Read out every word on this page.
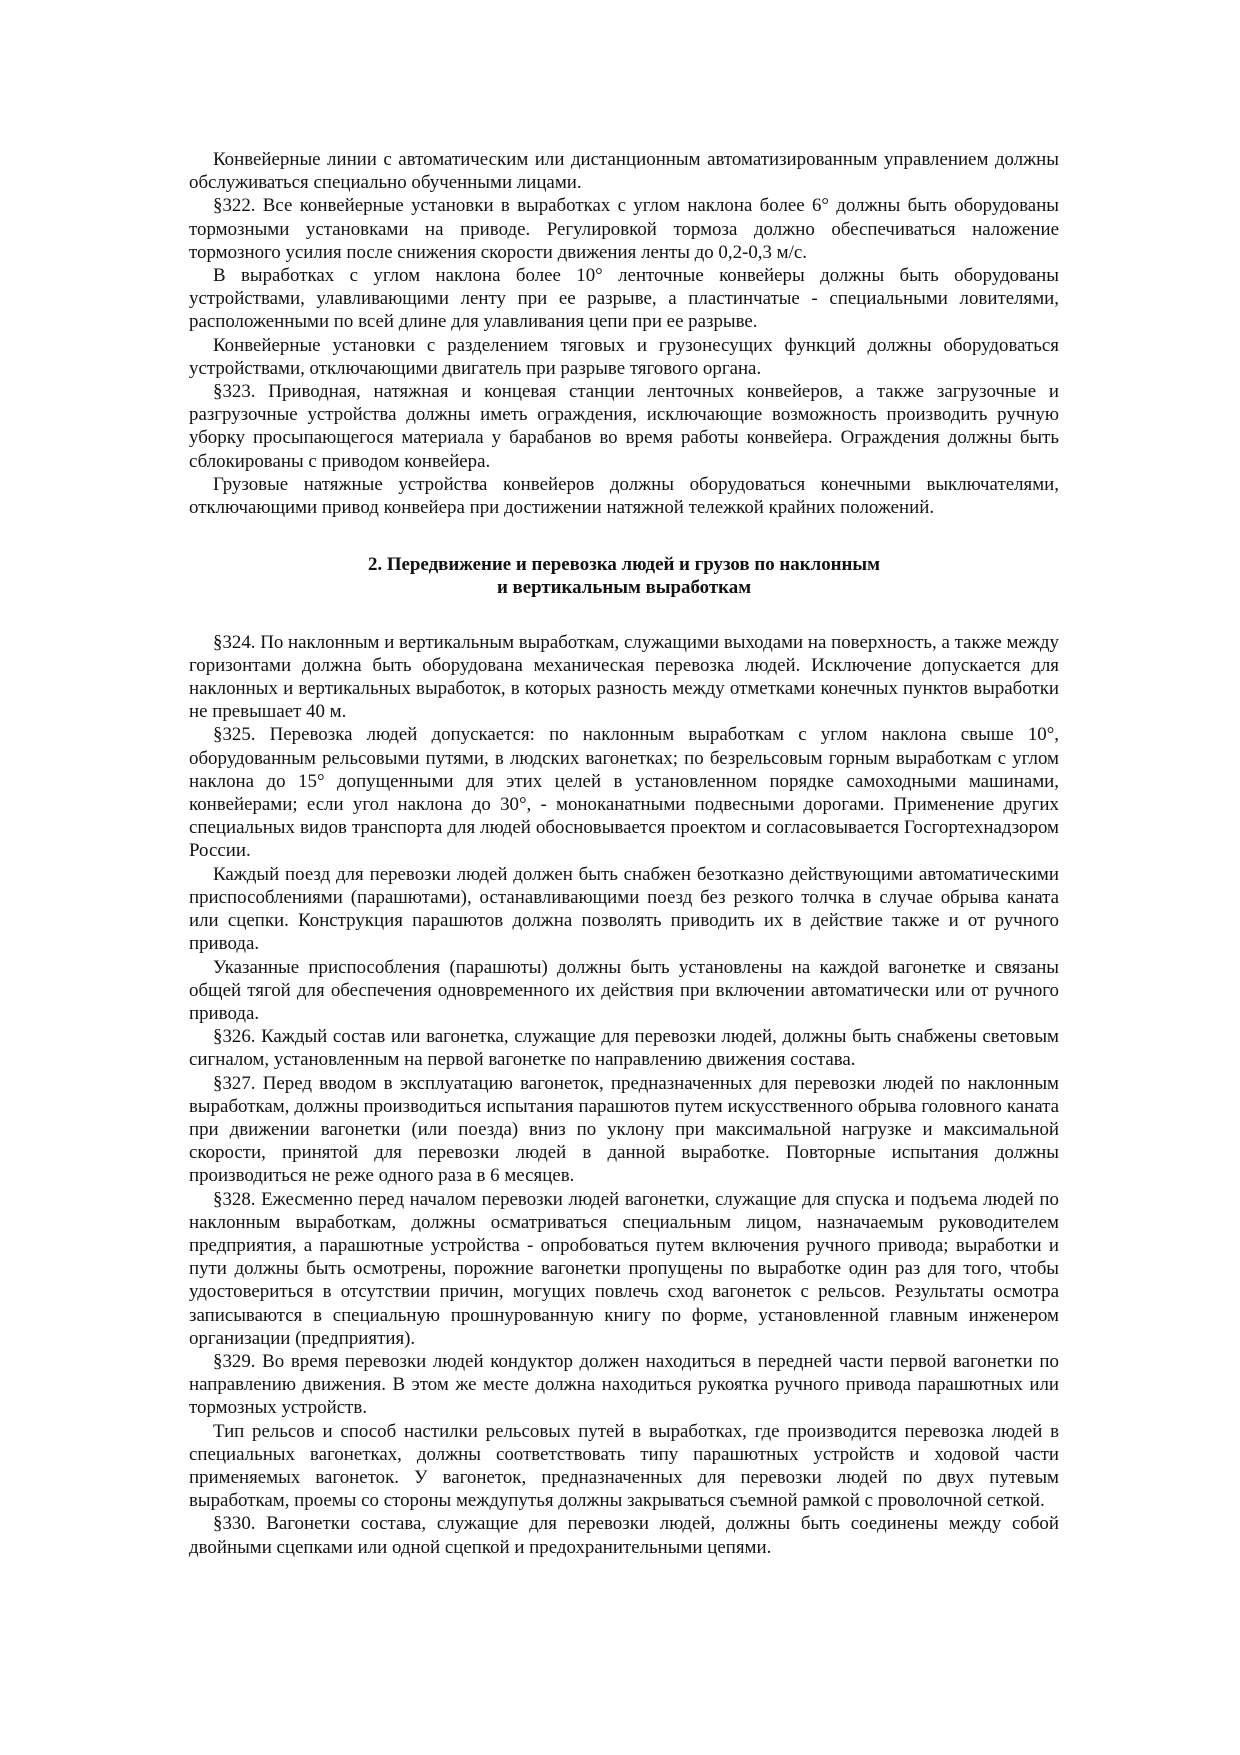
Конвейерные линии с автоматическим или дистанционным автоматизированным управлением должны обслуживаться специально обученными лицами.

§322. Все конвейерные установки в выработках с углом наклона более 6° должны быть оборудованы тормозными установками на приводе. Регулировкой тормоза должно обеспечиваться наложение тормозного усилия после снижения скорости движения ленты до 0,2-0,3 м/с.

В выработках с углом наклона более 10° ленточные конвейеры должны быть оборудованы устройствами, улавливающими ленту при ее разрыве, а пластинчатые - специальными ловителями, расположенными по всей длине для улавливания цепи при ее разрыве.

Конвейерные установки с разделением тяговых и грузонесущих функций должны оборудоваться устройствами, отключающими двигатель при разрыве тягового органа.

§323. Приводная, натяжная и концевая станции ленточных конвейеров, а также загрузочные и разгрузочные устройства должны иметь ограждения, исключающие возможность производить ручную уборку просыпающегося материала у барабанов во время работы конвейера. Ограждения должны быть сблокированы с приводом конвейера.

Грузовые натяжные устройства конвейеров должны оборудоваться конечными выключателями, отключающими привод конвейера при достижении натяжной тележкой крайних положений.

2. Передвижение и перевозка людей и грузов по наклонным
и вертикальным выработкам

§324. По наклонным и вертикальным выработкам, служащими выходами на поверхность, а также между горизонтами должна быть оборудована механическая перевозка людей. Исключение допускается для наклонных и вертикальных выработок, в которых разность между отметками конечных пунктов выработки не превышает 40 м.

§325. Перевозка людей допускается: по наклонным выработкам с углом наклона свыше 10°, оборудованным рельсовыми путями, в людских вагонетках; по безрельсовым горным выработкам с углом наклона до 15° допущенными для этих целей в установленном порядке самоходными машинами, конвейерами; если угол наклона до 30°, - моноканатными подвесными дорогами. Применение других специальных видов транспорта для людей обосновывается проектом и согласовывается Госгортехнадзором России.

Каждый поезд для перевозки людей должен быть снабжен безотказно действующими автоматическими приспособлениями (парашютами), останавливающими поезд без резкого толчка в случае обрыва каната или сцепки. Конструкция парашютов должна позволять приводить их в действие также и от ручного привода.

Указанные приспособления (парашюты) должны быть установлены на каждой вагонетке и связаны общей тягой для обеспечения одновременного их действия при включении автоматически или от ручного привода.

§326. Каждый состав или вагонетка, служащие для перевозки людей, должны быть снабжены световым сигналом, установленным на первой вагонетке по направлению движения состава.

§327. Перед вводом в эксплуатацию вагонеток, предназначенных для перевозки людей по наклонным выработкам, должны производиться испытания парашютов путем искусственного обрыва головного каната при движении вагонетки (или поезда) вниз по уклону при максимальной нагрузке и максимальной скорости, принятой для перевозки людей в данной выработке. Повторные испытания должны производиться не реже одного раза в 6 месяцев.

§328. Ежесменно перед началом перевозки людей вагонетки, служащие для спуска и подъема людей по наклонным выработкам, должны осматриваться специальным лицом, назначаемым руководителем предприятия, а парашютные устройства - опробоваться путем включения ручного привода; выработки и пути должны быть осмотрены, порожние вагонетки пропущены по выработке один раз для того, чтобы удостовериться в отсутствии причин, могущих повлечь сход вагонеток с рельсов. Результаты осмотра записываются в специальную прошнурованную книгу по форме, установленной главным инженером организации (предприятия).

§329. Во время перевозки людей кондуктор должен находиться в передней части первой вагонетки по направлению движения. В этом же месте должна находиться рукоятка ручного привода парашютных или тормозных устройств.

Тип рельсов и способ настилки рельсовых путей в выработках, где производится перевозка людей в специальных вагонетках, должны соответствовать типу парашютных устройств и ходовой части применяемых вагонеток. У вагонеток, предназначенных для перевозки людей по двух путевым выработкам, проемы со стороны междупутья должны закрываться съемной рамкой с проволочной сеткой.

§330. Вагонетки состава, служащие для перевозки людей, должны быть соединены между собой двойными сцепками или одной сцепкой и предохранительными цепями.
